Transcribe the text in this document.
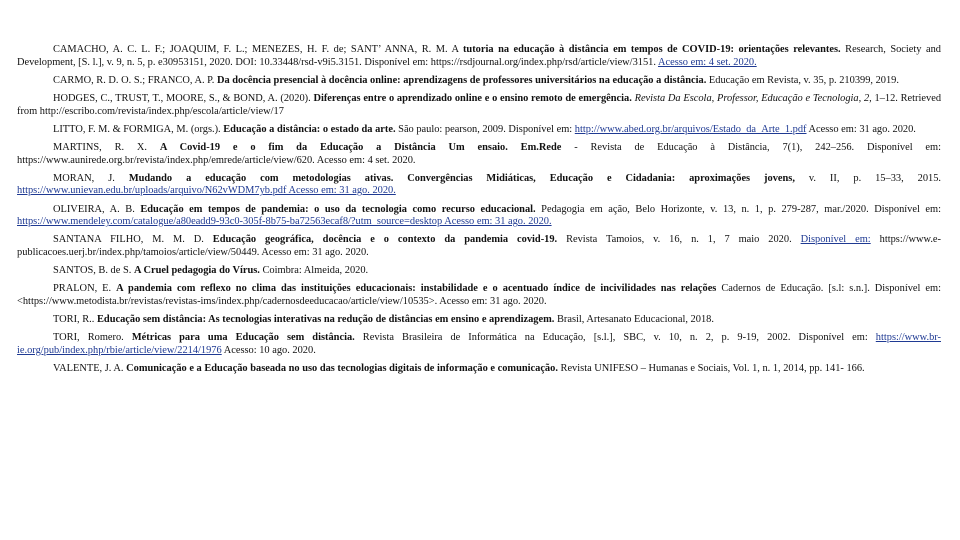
CAMACHO, A. C. L. F.; JOAQUIM, F. L.; MENEZES, H. F. de; SANT’ ANNA, R. M. A tutoria na educação à distância em tempos de COVID-19: orientações relevantes. Research, Society and Development, [S. l.], v. 9, n. 5, p. e30953151, 2020. DOI: 10.33448/rsd-v9i5.3151. Disponível em: https://rsdjournal.org/index.php/rsd/article/view/3151. Acesso em: 4 set. 2020.

CARMO, R. D. O. S.; FRANCO, A. P. Da docência presencial à docência online: aprendizagens de professores universitários na educação a distância. Educação em Revista, v. 35, p. 210399, 2019.

HODGES, C., TRUST, T., MOORE, S., & BOND, A. (2020). Diferenças entre o aprendizado online e o ensino remoto de emergência. Revista Da Escola, Professor, Educação e Tecnologia, 2, 1–12. Retrieved from http://escribo.com/revista/index.php/escola/article/view/17

LITTO, F. M. & FORMIGA, M. (orgs.). Educação a distância: o estado da arte. São paulo: pearson, 2009. Disponível em: http://www.abed.org.br/arquivos/Estado_da_Arte_1.pdf Acesso em: 31 ago. 2020.

MARTINS, R. X. A Covid-19 e o fim da Educação a Distância Um ensaio. Em.Rede - Revista de Educação à Distância, 7(1), 242–256. Disponível em: https://www.aunirede.org.br/revista/index.php/emrede/article/view/620. Acesso em: 4 set. 2020.

MORAN, J. Mudando a educação com metodologias ativas. Convergências Midiáticas, Educação e Cidadania: aproximações jovens, v. II, p. 15–33, 2015. https://www.unievan.edu.br/uploads/arquivo/N62vWDM7yb.pdf Acesso em: 31 ago. 2020.

OLIVEIRA, A. B. Educação em tempos de pandemia: o uso da tecnologia como recurso educacional. Pedagogia em ação, Belo Horizonte, v. 13, n. 1, p. 279-287, mar./2020. Disponível em: https://www.mendeley.com/catalogue/a80eadd9-93c0-305f-8b75-ba72563ecaf8/?utm_source=desktop Acesso em: 31 ago. 2020.

SANTANA FILHO, M. M. D. Educação geográfica, docência e o contexto da pandemia covid-19. Revista Tamoios, v. 16, n. 1, 7 maio 2020. Disponível em: https://www.e-publicacoes.uerj.br/index.php/tamoios/article/view/50449. Acesso em: 31 ago. 2020.

SANTOS, B. de S. A Cruel pedagogia do Vírus. Coimbra: Almeida, 2020.

PRALON, E. A pandemia com reflexo no clima das instituições educacionais: instabilidade e o acentuado índice de incivilidades nas relações Cadernos de Educação. [s.l: s.n.]. Disponível em: <https://www.metodista.br/revistas/revistas-ims/index.php/cadernosdeeducacao/article/view/10535>. Acesso em: 31 ago. 2020.

TORI, R.. Educação sem distância: As tecnologias interativas na redução de distâncias em ensino e aprendizagem. Brasil, Artesanato Educacional, 2018.

TORI, Romero. Métricas para uma Educação sem distância. Revista Brasileira de Informática na Educação, [s.l.], SBC, v. 10, n. 2, p. 9-19, 2002. Disponível em: https://www.br-ie.org/pub/index.php/rbie/article/view/2214/1976 Acesso: 10 ago. 2020.

VALENTE, J. A. Comunicação e a Educação baseada no uso das tecnologias digitais de informação e comunicação. Revista UNIFESO – Humanas e Sociais, Vol. 1, n. 1, 2014, pp. 141- 166.
